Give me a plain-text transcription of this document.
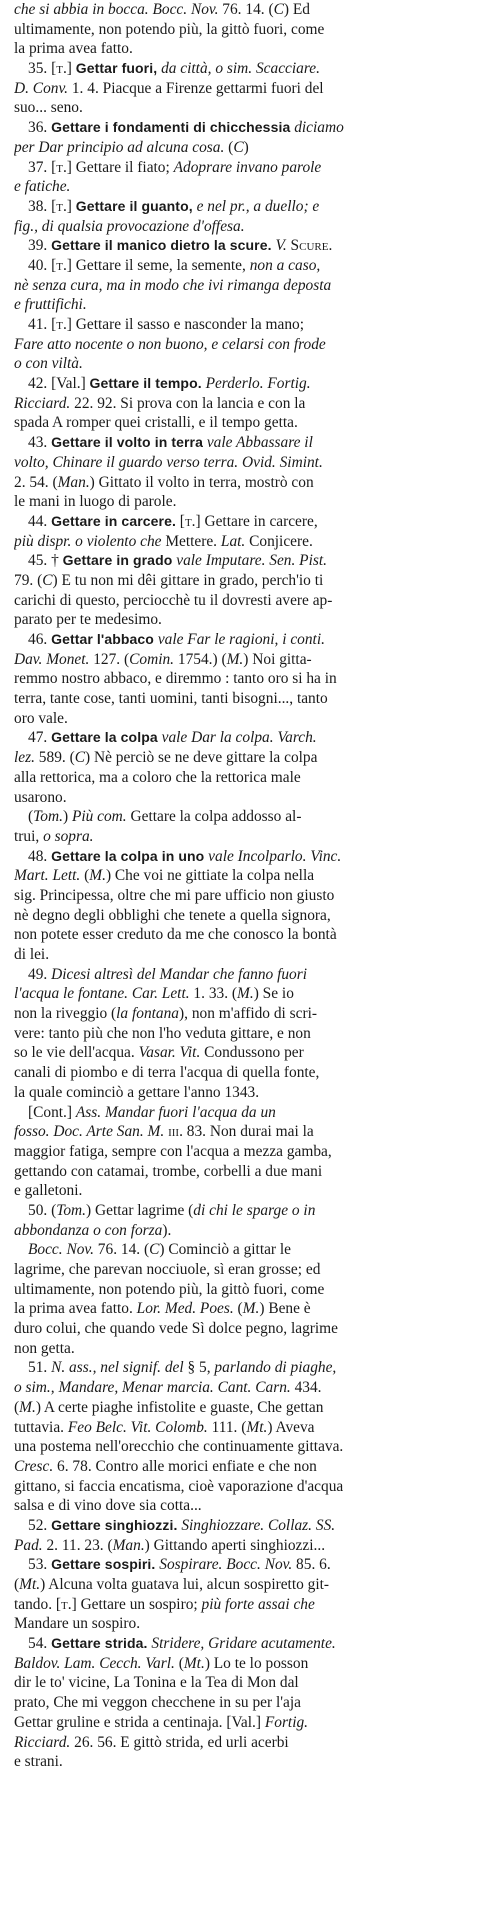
che si abbia in bocca. Bocc. Nov. 76. 14. (C) Ed
ultimamente, non potendo più, la gittò fuori, come
la prima avea fatto.
35. [t.] Gettar fuori, da città, o sim. Scacciare.
D. Conv. 1. 4. Piacque a Firenze gettarmi fuori del
suo... seno.
36. Gettare i fondamenti di chicchessia diciamo
per Dar principio ad alcuna cosa. (C)
37. [t.] Gettare il fiato; Adoprare invano parole
e fatiche.
38. [t.] Gettare il guanto, e nel pr., a duello; e
fig., di qualsia provocazione d'offesa.
39. Gettare il manico dietro la scure. V. Scure.
40. [t.] Gettare il seme, la semente, non a caso,
nè senza cura, ma in modo che ivi rimanga deposta
e fruttifichi.
41. [t.] Gettare il sasso e nasconder la mano;
Fare atto nocente o non buono, e celarsi con frode
o con viltà.
42. [Val.] Gettare il tempo. Perderlo. Fortig.
Ricciard. 22. 92. Si prova con la lancia e con la
spada A romper quei cristalli, e il tempo getta.
43. Gettare il volto in terra vale Abbassare il
volto, Chinare il guardo verso terra. Ovid. Simint.
2. 54. (Man.) Gittato il volto in terra, mostrò con
le mani in luogo di parole.
44. Gettare in carcere. [t.] Gettare in carcere,
più dispr. o violento che Mettere. Lat. Conjicere.
45. † Gettare in grado vale Imputare. Sen. Pist.
79. (C) E tu non mi dêi gittare in grado, perch'io ti
carichi di questo, perciocchè tu il dovresti avere ap-
parato per te medesimo.
46. Gettar l'abbaco vale Far le ragioni, i conti.
Dav. Monet. 127. (Comin. 1754.) (M.) Noi gitta-
remmo nostro abbaco, e diremmo : tanto oro si ha in
terra, tante cose, tanti uomini, tanti bisogni..., tanto
oro vale.
47. Gettare la colpa vale Dar la colpa. Varch.
lez. 589. (C) Nè perciò se ne deve gittare la colpa
alla rettorica, ma a coloro che la rettorica male
usarono.
(Tom.) Più com. Gettare la colpa addosso al-
trui, o sopra.
48. Gettare la colpa in uno vale Incolparlo. Vinc.
Mart. Lett. (M.) Che voi ne gittiate la colpa nella
sig. Principessa, oltre che mi pare ufficio non giusto
nè degno degli obblighi che tenete a quella signora,
non potete esser creduto da me che conosco la bontà
di lei.
49. Dicesi altresì del Mandar che fanno fuori
l'acqua le fontane. Car. Lett. 1. 33. (M.) Se io
non la riveggio (la fontana), non m'affido di scri-
vere: tanto più che non l'ho veduta gittare, e non
so le vie dell'acqua. Vasar. Vit. Condussono per
canali di piombo e di terra l'acqua di quella fonte,
la quale cominciò a gettare l'anno 1343.
[Cont.] Ass. Mandar fuori l'acqua da un
fosso. Doc. Arte San. M. iii. 83. Non durai mai la
maggior fatiga, sempre con l'acqua a mezza gamba,
gettando con catamai, trombe, corbelli a due mani
e galletoni.
50. (Tom.) Gettar lagrime (di chi le sparge o in
abbondanza o con forza).
Bocc. Nov. 76. 14. (C) Cominciò a gittar le
lagrime, che parevan nocciuole, sì eran grosse; ed
ultimamente, non potendo più, la gittò fuori, come
la prima avea fatto. Lor. Med. Poes. (M.) Bene è
duro colui, che quando vede Sì dolce pegno, lagrime
non getta.
51. N. ass., nel signif. del § 5, parlando di piaghe,
o sim., Mandare, Menar marcia. Cant. Carn. 434.
(M.) A certe piaghe infistolite e guaste, Che gettan
tuttavia. Feo Belc. Vit. Colomb. 111. (Mt.) Aveva
una postema nell'orecchio che continuamente gittava.
Cresc. 6. 78. Contro alle morici enfiate e che non
gittano, si faccia encatisma, cioè vaporazione d'acqua
salsa e di vino dove sia cotta...
52. Gettare singhiozzi. Singhiozzare. Collaz. SS.
Pad. 2. 11. 23. (Man.) Gittando aperti singhiozzi...
53. Gettare sospiri. Sospirare. Bocc. Nov. 85. 6.
(Mt.) Alcuna volta guatava lui, alcun sospiretto git-
tando. [t.] Gettare un sospiro; più forte assai che
Mandare un sospiro.
54. Gettare strida. Stridere, Gridare acutamente.
Baldov. Lam. Cecch. Varl. (Mt.) Lo te lo posson
dir le to' vicine, La Tonina e la Tea di Mon dal
prato, Che mi veggon checchene in su per l'aja
Gettar gruline e strida a centinaja. [Val.] Fortig.
Ricciard. 26. 56. E gittò strida, ed urli acerbi
e strani.
